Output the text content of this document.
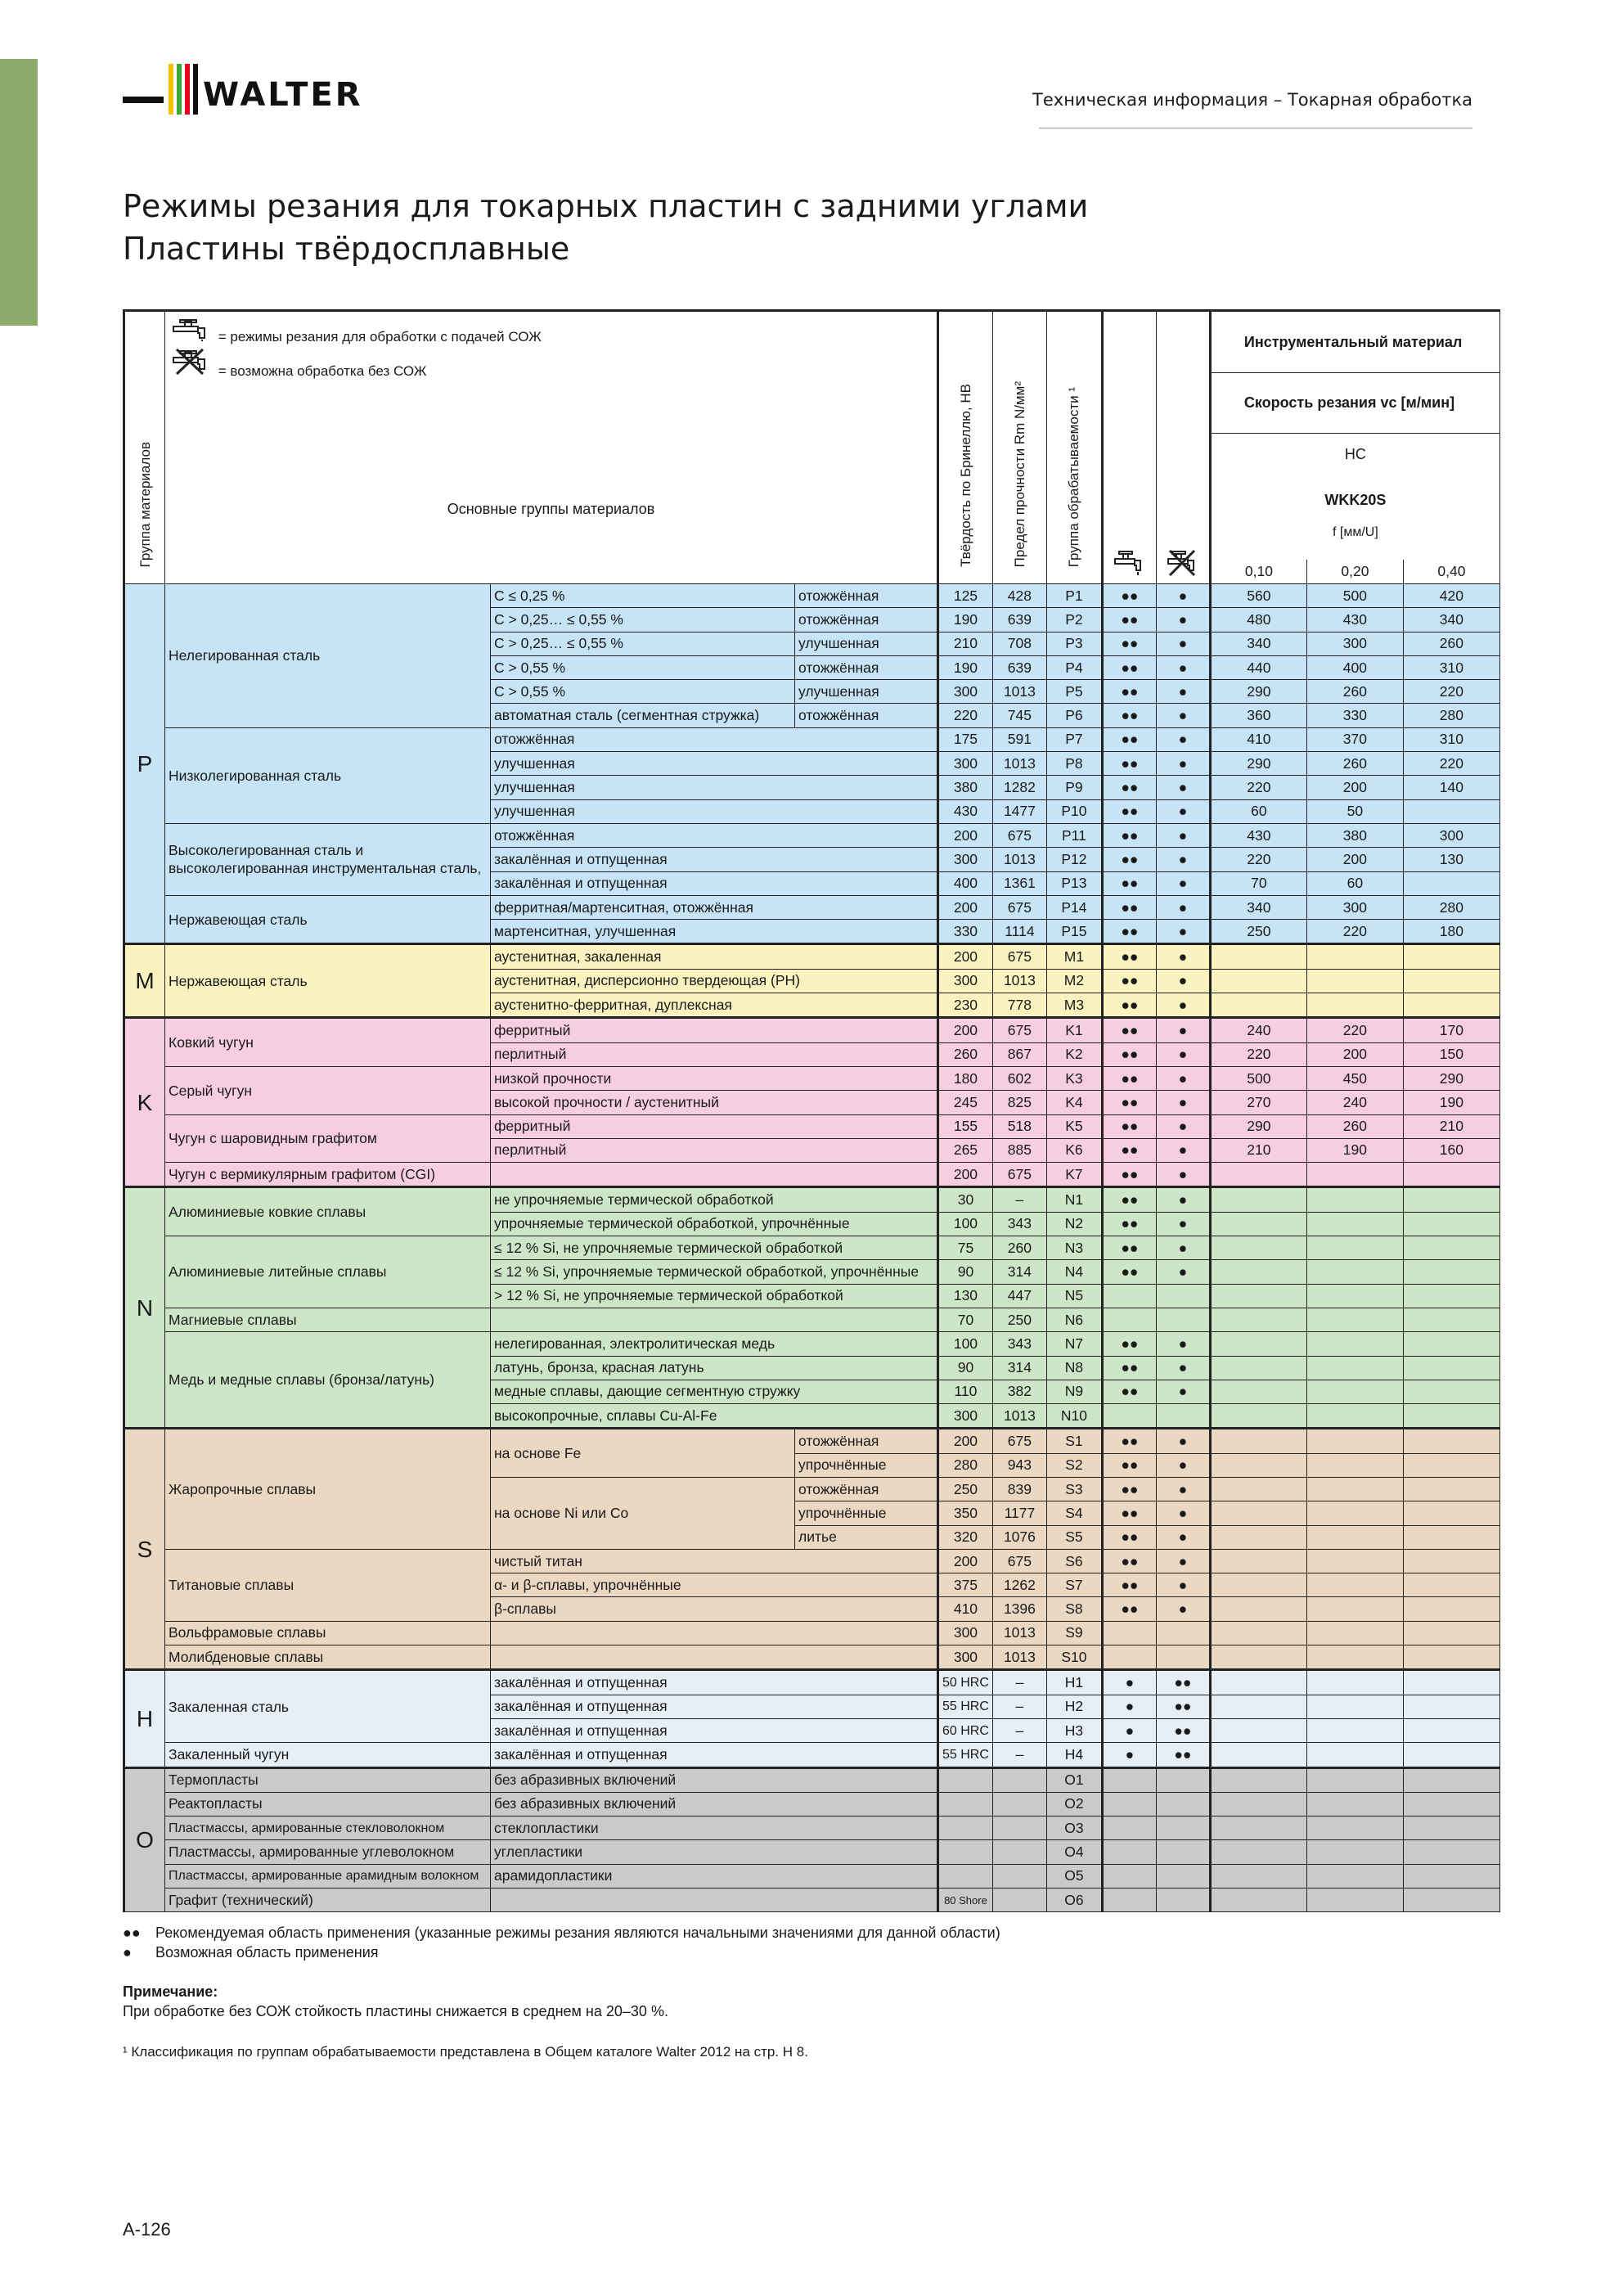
WALTER	Техническая информация – Токарная обработка
Режимы резания для токарных пластин с задними углами
Пластины твёрдосплавные
Группа материалов	= режимы резания для обработки с подачей СОЖ
= возможна обработка без СОЖ
Основные группы материалов			Твёрдость по Бринеллю, HB	Предел прочности Rm N/мм²	Группа обрабатываемости ¹			Инструментальный материал		
									Скорость резания vc [м/мин]		

									HC
WKK20S
f [мм/U]		

									0,10	0,20	0,40
P	Нелегированная сталь	C ≤ 0,25 %	отожжённая	125	428	P1	●●	●	560	500	420
		C > 0,25… ≤ 0,55 %	отожжённая	190	639	P2	●●	●	480	430	340
		C > 0,25… ≤ 0,55 %	улучшенная	210	708	P3	●●	●	340	300	260
		C > 0,55 %	отожжённая	190	639	P4	●●	●	440	400	310
		C > 0,55 %	улучшенная	300	1013	P5	●●	●	290	260	220
		автоматная сталь (сегментная стружка)	отожжённая	220	745	P6	●●	●	360	330	280
	Низколегированная сталь	отожжённая		175	591	P7	●●	●	410	370	310
		улучшенная		300	1013	P8	●●	●	290	260	220
		улучшенная		380	1282	P9	●●	●	220	200	140
		улучшенная		430	1477	P10	●●	●	60	50	
	Высоколегированная сталь и высоколегированная инструментальная сталь,	отожжённая		200	675	P11	●●	●	430	380	300
		закалённая и отпущенная		300	1013	P12	●●	●	220	200	130
		закалённая и отпущенная		400	1361	P13	●●	●	70	60	
	Нержавеющая сталь	ферритная/мартенситная, отожжённая		200	675	P14	●●	●	340	300	280
		мартенситная, улучшенная		330	1114	P15	●●	●	250	220	180
M	Нержавеющая сталь	аустенитная, закаленная		200	675	M1	●●	●			
		аустенитная, дисперсионно твердеющая (PH)		300	1013	M2	●●	●			
		аустенитно-ферритная, дуплексная		230	778	M3	●●	●			
K	Ковкий чугун	ферритный		200	675	K1	●●	●	240	220	170
		перлитный		260	867	K2	●●	●	220	200	150
	Серый чугун	низкой прочности		180	602	K3	●●	●	500	450	290
		высокой прочности / аустенитный		245	825	K4	●●	●	270	240	190
	Чугун с шаровидным графитом	ферритный		155	518	K5	●●	●	290	260	210
		перлитный		265	885	K6	●●	●	210	190	160
	Чугун с вермикулярным графитом (CGI)			200	675	K7	●●	●			
N	Алюминиевые ковкие сплавы	не упрочняемые термической обработкой		30	–	N1	●●	●			
		упрочняемые термической обработкой, упрочнённые		100	343	N2	●●	●			
	Алюминиевые литейные сплавы	≤ 12 % Si, не упрочняемые термической обработкой		75	260	N3	●●	●			
		≤ 12 % Si, упрочняемые термической обработкой, упрочнённые		90	314	N4	●●	●			
		> 12 % Si, не упрочняемые термической обработкой		130	447	N5					
	Магниевые сплавы			70	250	N6					
	Медь и медные сплавы (бронза/латунь)	нелегированная, электролитическая медь		100	343	N7	●●	●			
		латунь, бронза, красная латунь		90	314	N8	●●	●			
		медные сплавы, дающие сегментную стружку		110	382	N9	●●	●			
		высокопрочные, сплавы Cu-Al-Fe		300	1013	N10					
S	Жаропрочные сплавы	на основе Fe	отожжённая	200	675	S1	●●	●			
			упрочнённые	280	943	S2	●●	●			
		на основе Ni или Co	отожжённая	250	839	S3	●●	●			
			упрочнённые	350	1177	S4	●●	●			
			литье	320	1076	S5	●●	●			
	Титановые сплавы	чистый титан		200	675	S6	●●	●			
		α- и β-сплавы, упрочнённые		375	1262	S7	●●	●			
		β-сплавы		410	1396	S8	●●	●			
	Вольфрамовые сплавы			300	1013	S9					
	Молибденовые сплавы			300	1013	S10					
H	Закаленная сталь	закалённая и отпущенная		50 HRC	–	H1	●	●●			
		закалённая и отпущенная		55 HRC	–	H2	●	●●			
		закалённая и отпущенная		60 HRC	–	H3	●	●●			
	Закаленный чугун	закалённая и отпущенная		55 HRC	–	H4	●	●●			
O	Термопласты	без абразивных включений				O1					
	Реактопласты	без абразивных включений				O2					
	Пластмассы, армированные стекловолокном	стеклопластики				O3					
	Пластмассы, армированные углеволокном	углепластики				O4					
	Пластмассы, армированные арамидным волокном	арамидопластики				O5					
	Графит (технический)			80 Shore		O6					
●● Рекомендуемая область применения (указанные режимы резания являются начальными значениями для данной области)
● Возможная область применения
Примечание:
При обработке без СОЖ стойкость пластины снижается в среднем на 20–30 %.
¹ Классификация по группам обрабатываемости представлена в Общем каталоге Walter 2012 на стр. H 8.
A-126
